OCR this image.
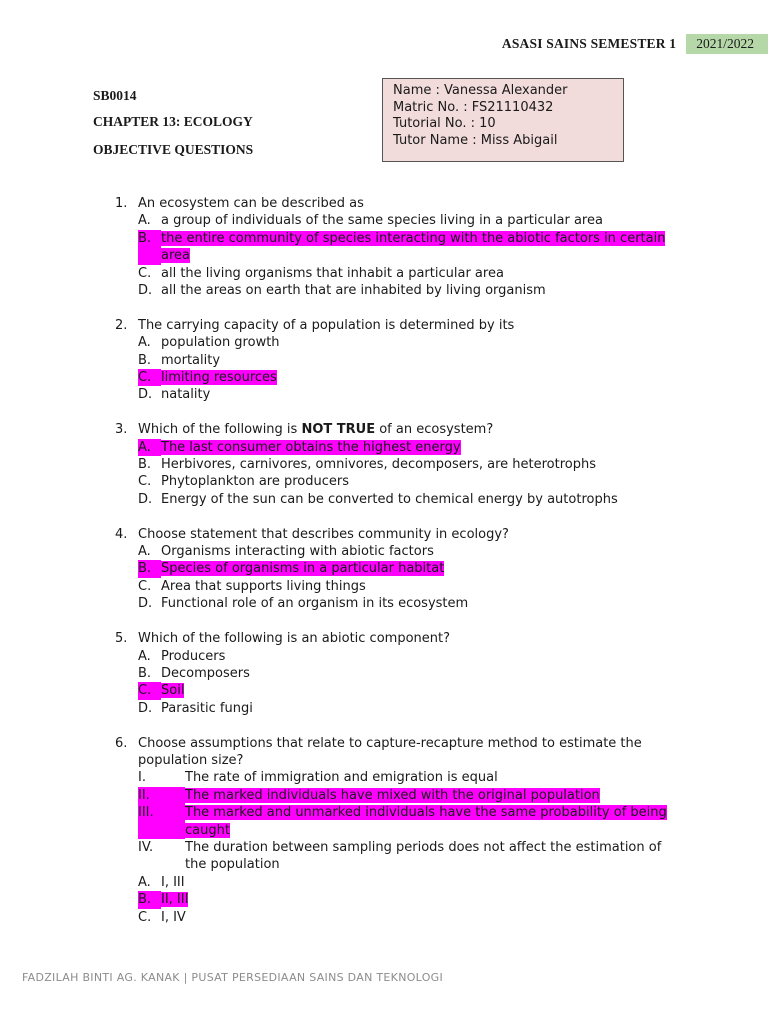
ASASI SAINS SEMESTER 1	2021/2022
SB0014
CHAPTER 13: ECOLOGY
OBJECTIVE QUESTIONS
Name : Vanessa Alexander
Matric No. : FS21110432
Tutorial No. : 10
Tutor Name : Miss Abigail
1. An ecosystem can be described as
A. a group of individuals of the same species living in a particular area
B. the entire community of species interacting with the abiotic factors in certain area
C. all the living organisms that inhabit a particular area
D. all the areas on earth that are inhabited by living organism
2. The carrying capacity of a population is determined by its
A. population growth
B. mortality
C. limiting resources
D. natality
3. Which of the following is NOT TRUE of an ecosystem?
A. The last consumer obtains the highest energy
B. Herbivores, carnivores, omnivores, decomposers, are heterotrophs
C. Phytoplankton are producers
D. Energy of the sun can be converted to chemical energy by autotrophs
4. Choose statement that describes community in ecology?
A. Organisms interacting with abiotic factors
B. Species of organisms in a particular habitat
C. Area that supports living things
D. Functional role of an organism in its ecosystem
5. Which of the following is an abiotic component?
A. Producers
B. Decomposers
C. Soil
D. Parasitic fungi
6. Choose assumptions that relate to capture-recapture method to estimate the population size?
I.	The rate of immigration and emigration is equal
II.	The marked individuals have mixed with the original population
III.	The marked and unmarked individuals have the same probability of being caught
IV.	The duration between sampling periods does not affect the estimation of the population
A. I, III
B. II, III
C. I, IV
FADZILAH BINTI AG. KANAK | PUSAT PERSEDIAAN SAINS DAN TEKNOLOGI
